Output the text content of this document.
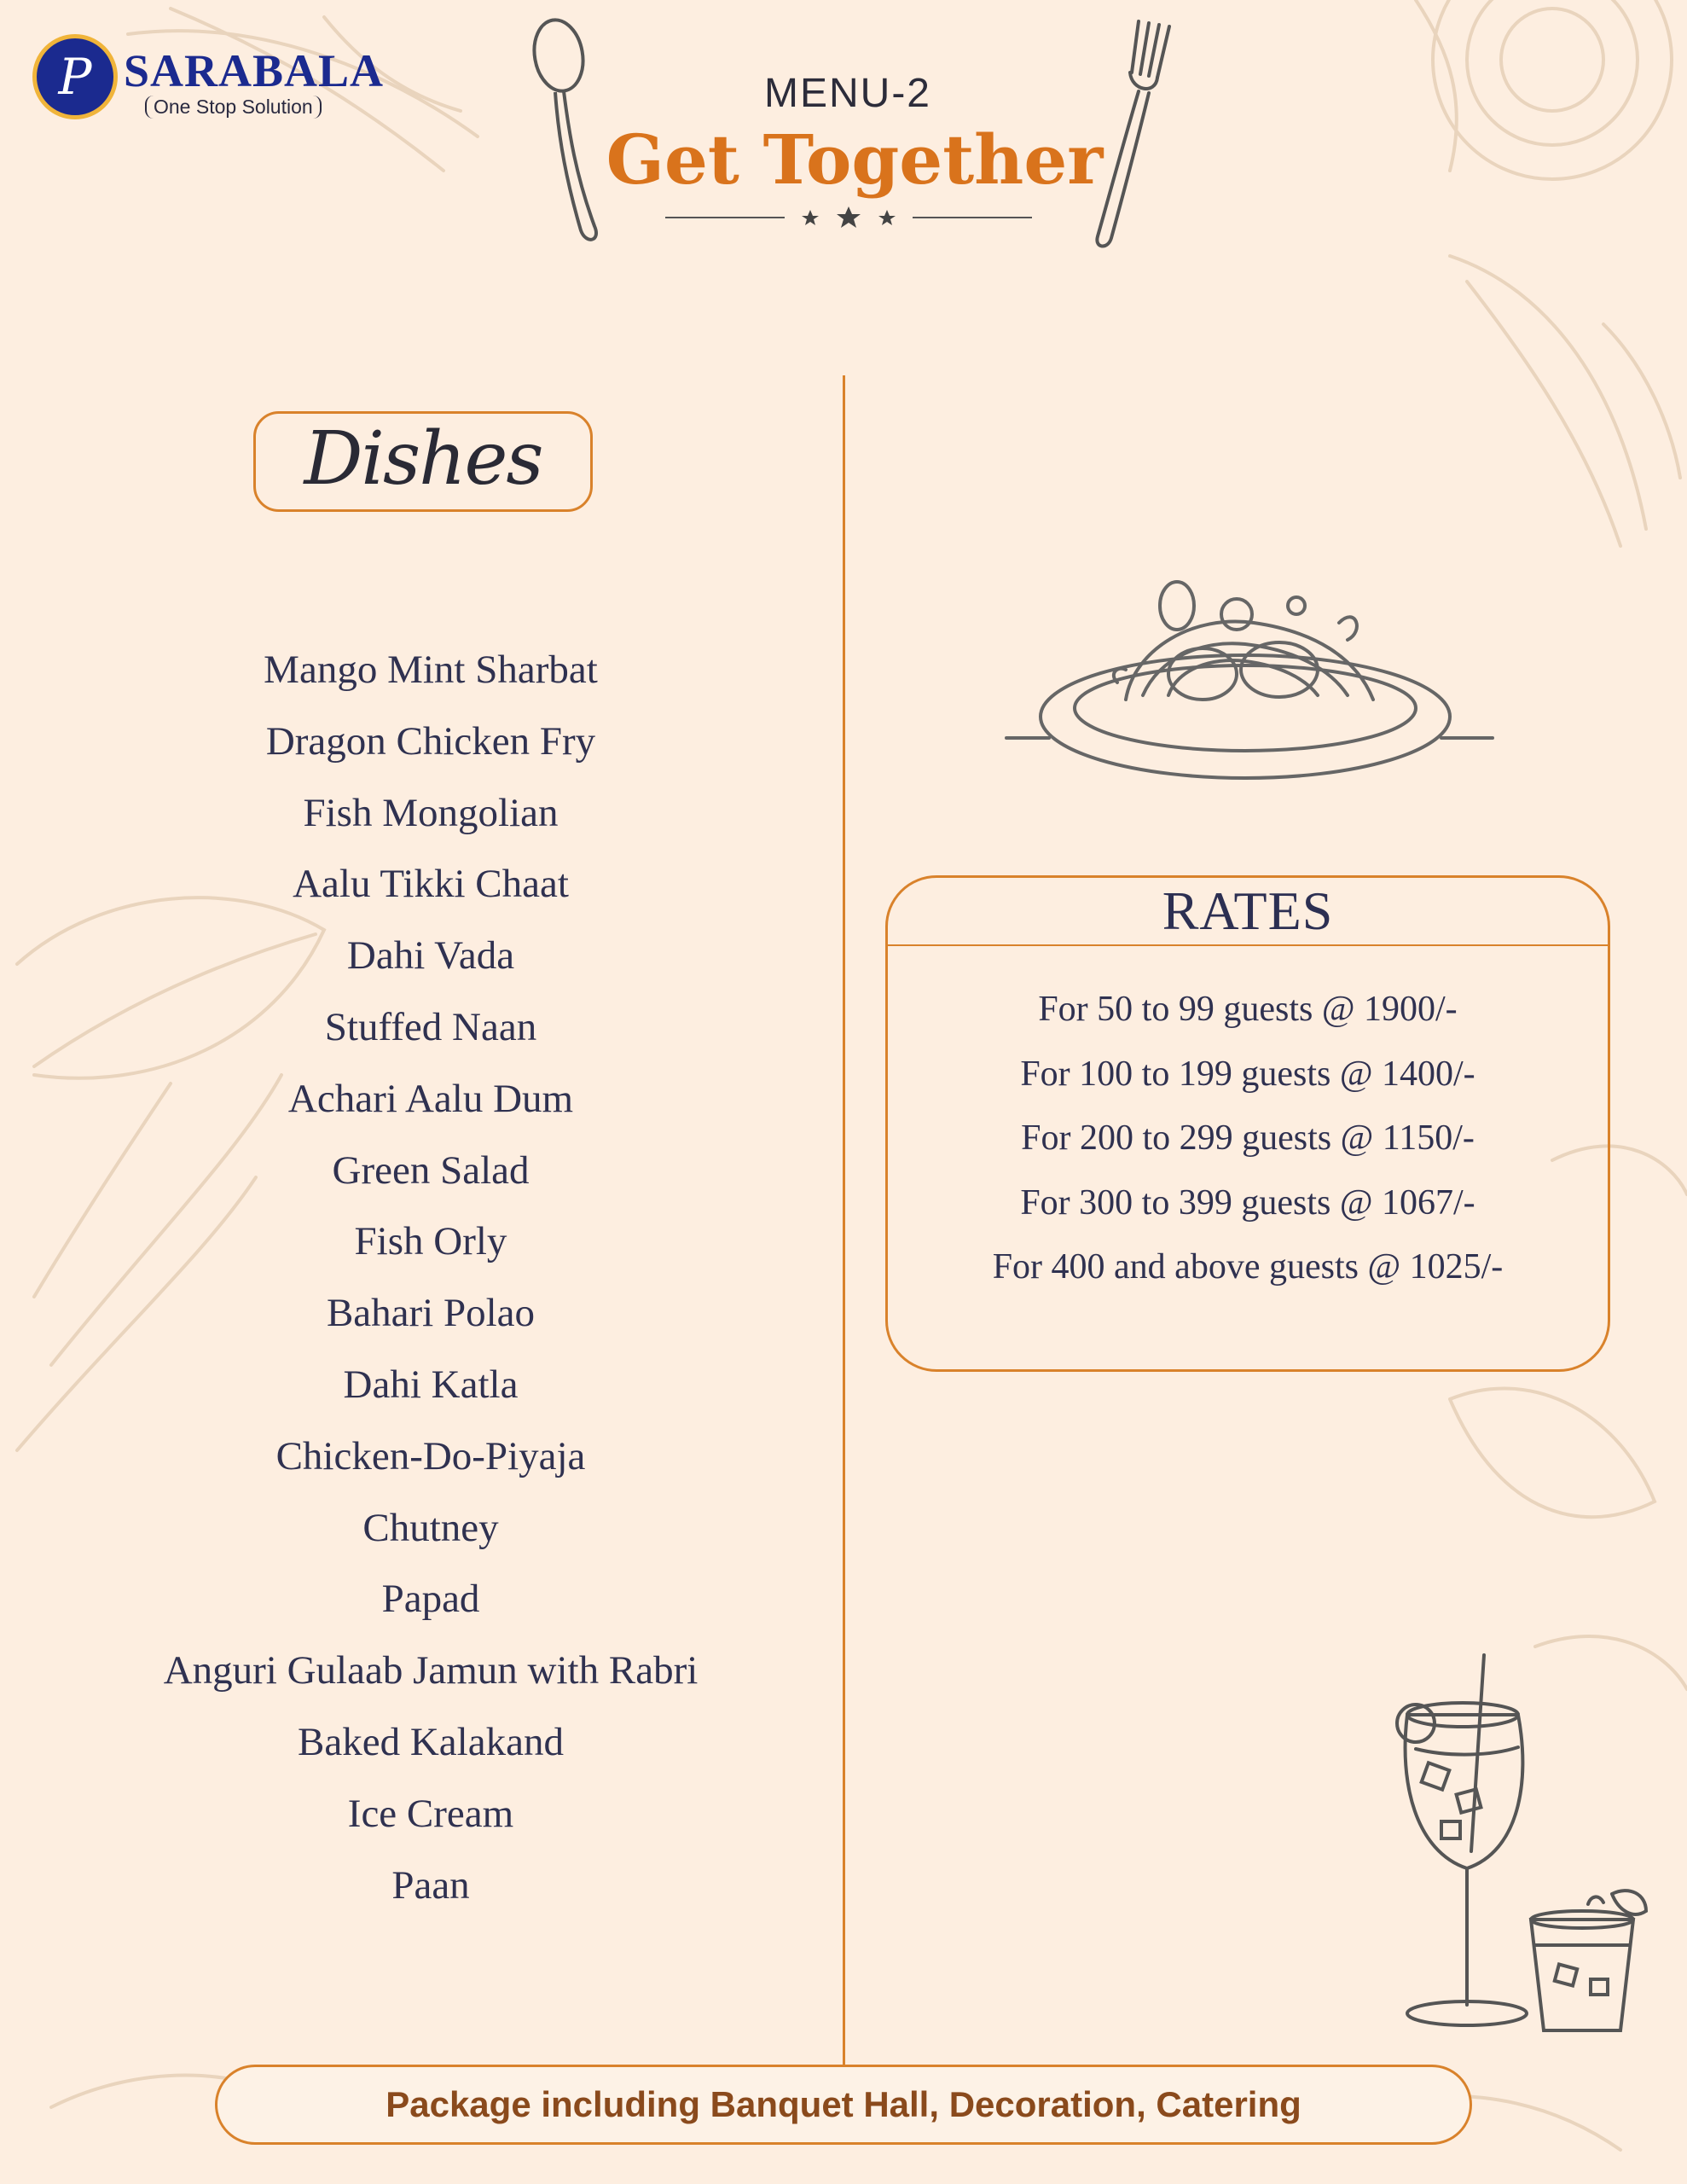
P SARABALA
One Stop Solution	MENU-2
Get Together
Dishes
Mango Mint Sharbat
Dragon Chicken Fry
Fish Mongolian
Aalu Tikki Chaat
Dahi Vada
Stuffed Naan
Achari Aalu Dum
Green Salad
Fish Orly
Bahari Polao
Dahi Katla
Chicken-Do-Piyaja
Chutney
Papad
Anguri Gulaab Jamun with Rabri
Baked Kalakand
Ice Cream
Paan
RATES
For 50 to 99 guests @ 1900/-
For 100 to 199 guests @ 1400/-
For 200 to 299 guests @ 1150/-
For 300 to 399 guests @ 1067/-
For 400 and above guests @ 1025/-
Package including Banquet Hall, Decoration, Catering
